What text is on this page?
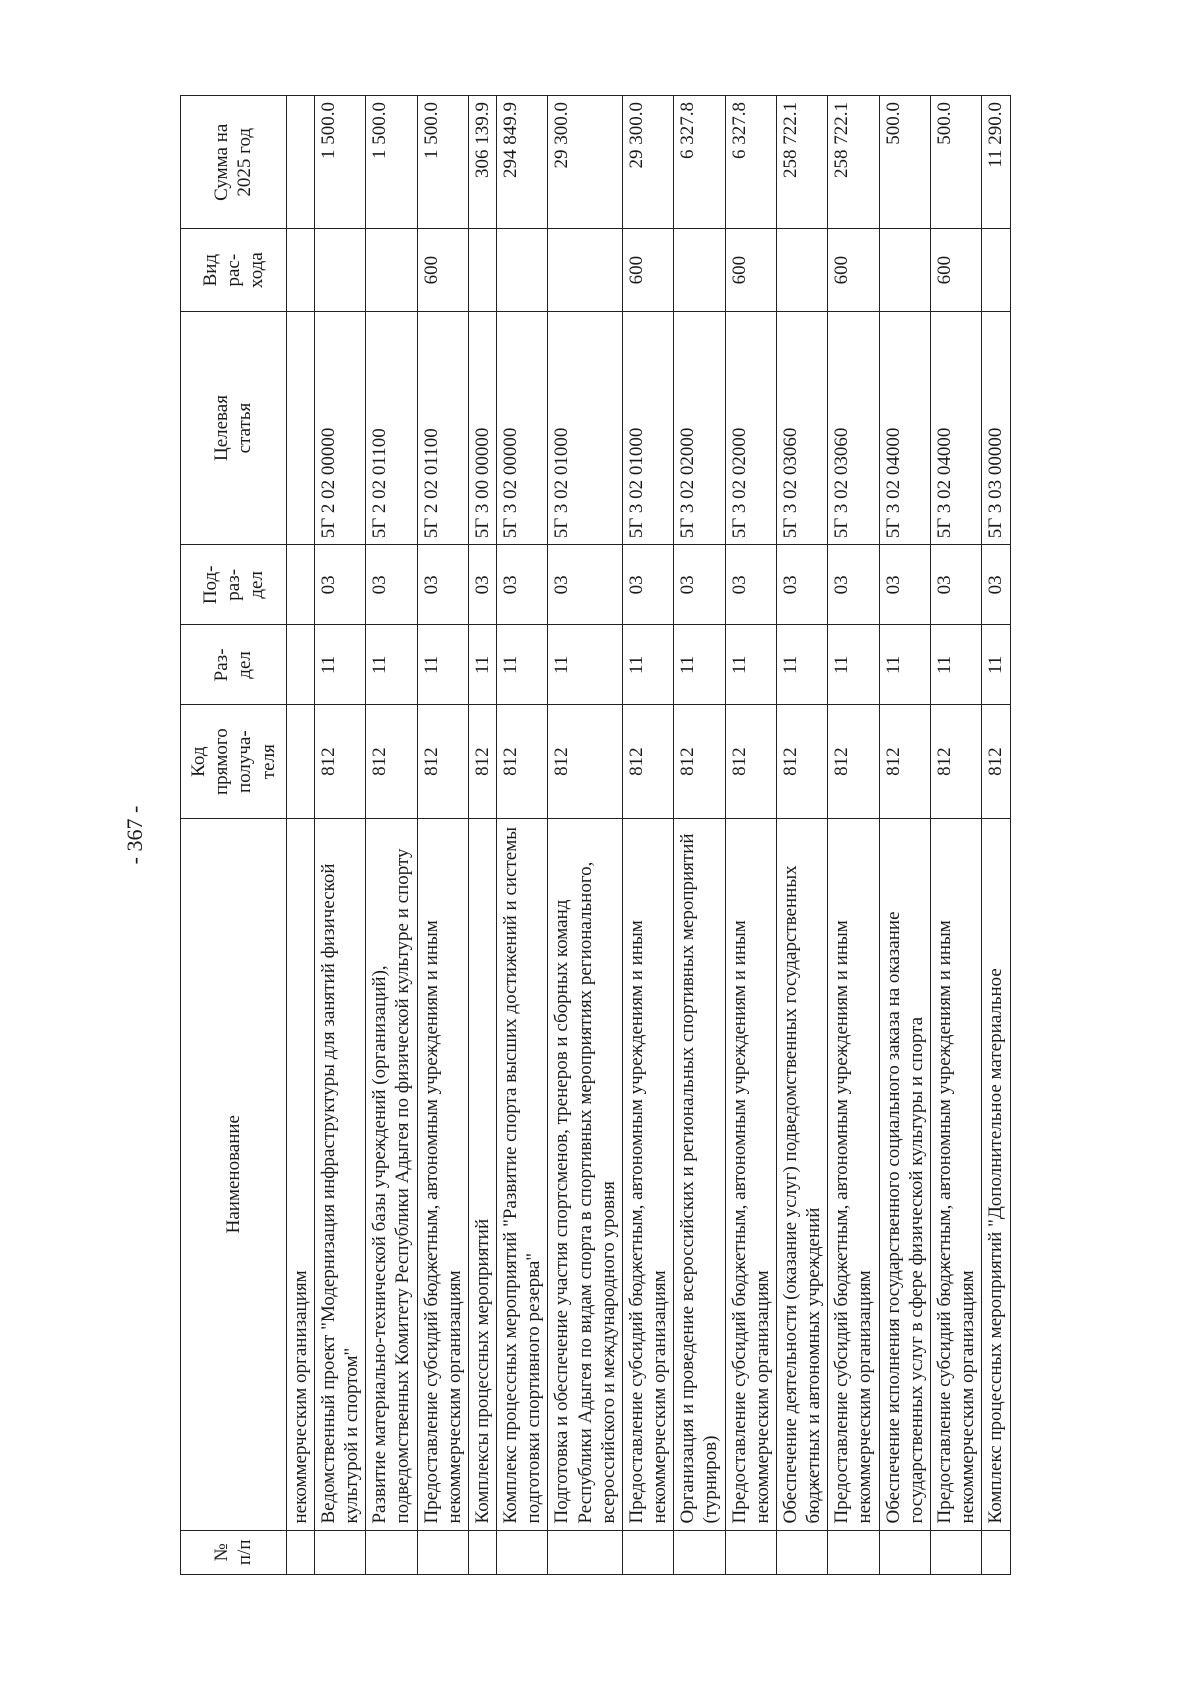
- 367 -
№ п/п	Наименование	Код прямого получа- теля	Раз- дел	Под- раз- дел	Целевая статья	Вид рас- хода	Сумма на 2025 год

	некоммерческим организациям						
	Ведомственный проект "Модернизация инфраструктуры для занятий физической культурой и спортом"	812	11	03	5Г 2 02 00000		1 500.0
	Развитие материально-технической базы учреждений (организаций), подведомственных Комитету Республики Адыгея по физической культуре и спорту	812	11	03	5Г 2 02 01100		1 500.0
	Предоставление субсидий бюджетным, автономным учреждениям и иным некоммерческим организациям	812	11	03	5Г 2 02 01100	600	1 500.0
	Комплексы процессных мероприятий	812	11	03	5Г 3 00 00000		306 139.9
	Комплекс процессных мероприятий "Развитие спорта высших достижений и системы подготовки спортивного резерва"	812	11	03	5Г 3 02 00000		294 849.9
	Подготовка и обеспечение участия спортсменов, тренеров и сборных команд Республики Адыгея по видам спорта в спортивных мероприятиях регионального, всероссийского и международного уровня	812	11	03	5Г 3 02 01000		29 300.0
	Предоставление субсидий бюджетным, автономным учреждениям и иным некоммерческим организациям	812	11	03	5Г 3 02 01000	600	29 300.0
	Организация и проведение всероссийских и региональных спортивных мероприятий (турниров)	812	11	03	5Г 3 02 02000		6 327.8
	Предоставление субсидий бюджетным, автономным учреждениям и иным некоммерческим организациям	812	11	03	5Г 3 02 02000	600	6 327.8
	Обеспечение деятельности (оказание услуг) подведомственных государственных бюджетных и автономных учреждений	812	11	03	5Г 3 02 03060		258 722.1
	Предоставление субсидий бюджетным, автономным учреждениям и иным некоммерческим организациям	812	11	03	5Г 3 02 03060	600	258 722.1
	Обеспечение исполнения государственного социального заказа на оказание государственных услуг в сфере физической культуры и спорта	812	11	03	5Г 3 02 04000		500.0
	Предоставление субсидий бюджетным, автономным учреждениям и иным некоммерческим организациям	812	11	03	5Г 3 02 04000	600	500.0
	Комплекс процессных мероприятий "Дополнительное материальное	812	11	03	5Г 3 03 00000		11 290.0
